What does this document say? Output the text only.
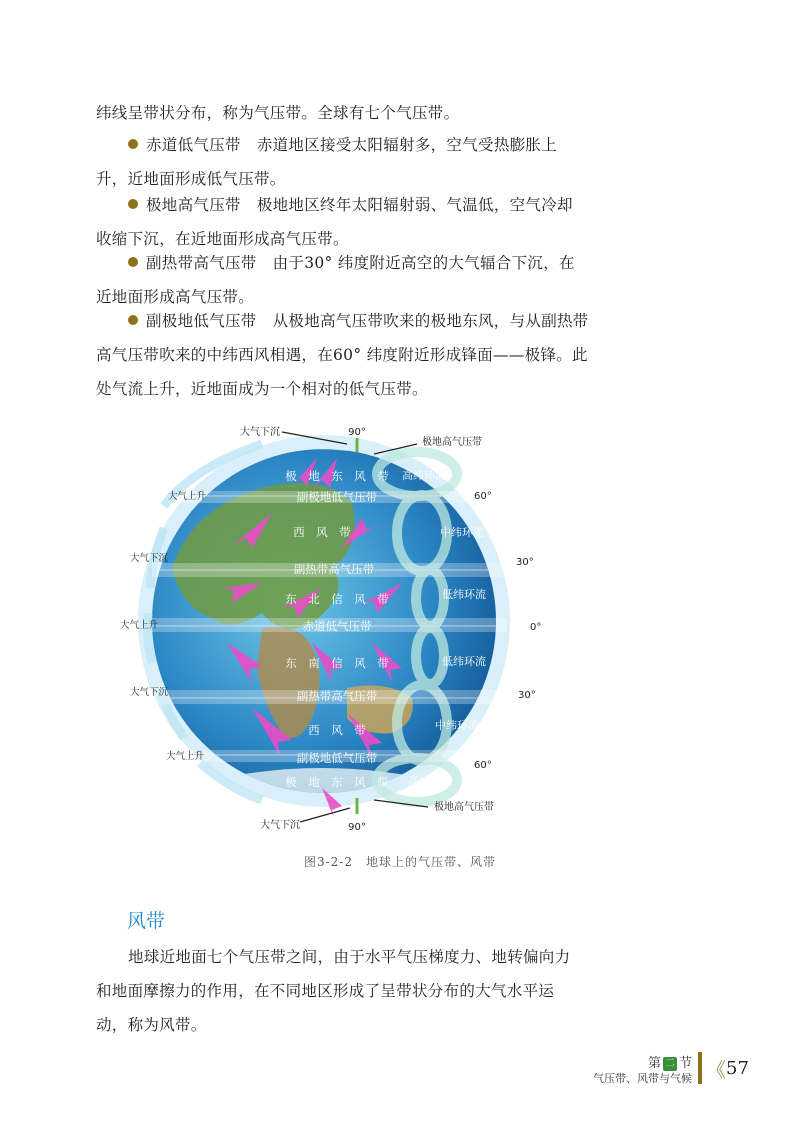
纬线呈带状分布，称为气压带。全球有七个气压带。
赤道低气压带 赤道地区接受太阳辐射多，空气受热膨胀上
升，近地面形成低气压带。
极地高气压带 极地地区终年太阳辐射弱、气温低，空气冷却
收缩下沉，在近地面形成高气压带。
副热带高气压带 由于30° 纬度附近高空的大气辐合下沉，在
近地面形成高气压带。
副极地低气压带 从极地高气压带吹来的极地东风，与从副热带
高气压带吹来的中纬西风相遇，在60° 纬度附近形成锋面——极锋。此
处气流上升，近地面成为一个相对的低气压带。
极　地　东　风　带
副极地低气压带
西　风　带
副热带高气压带
东　北　信　风　带
赤道低气压带
东　南　信　风　带
副热带高气压带
西　风　带
副极地低气压带
极　地　东　风　带
高纬环流
中纬环流
低纬环流
低纬环流
中纬环流
高纬环流
大气下沉	90°
极地高气压带
大气下沉	90°
极地高气压带
大气上升
大气下沉
大气上升
大气下沉
大气上升
60°
30°
0°
30°
60°
图3-2-2　地球上的气压带、风带
风带
地球近地面七个气压带之间，由于水平气压梯度力、地转偏向力
和地面摩擦力的作用，在不同地区形成了呈带状分布的大气水平运
动，称为风带。
第 二 节
气压带、风带与气候 《 57
